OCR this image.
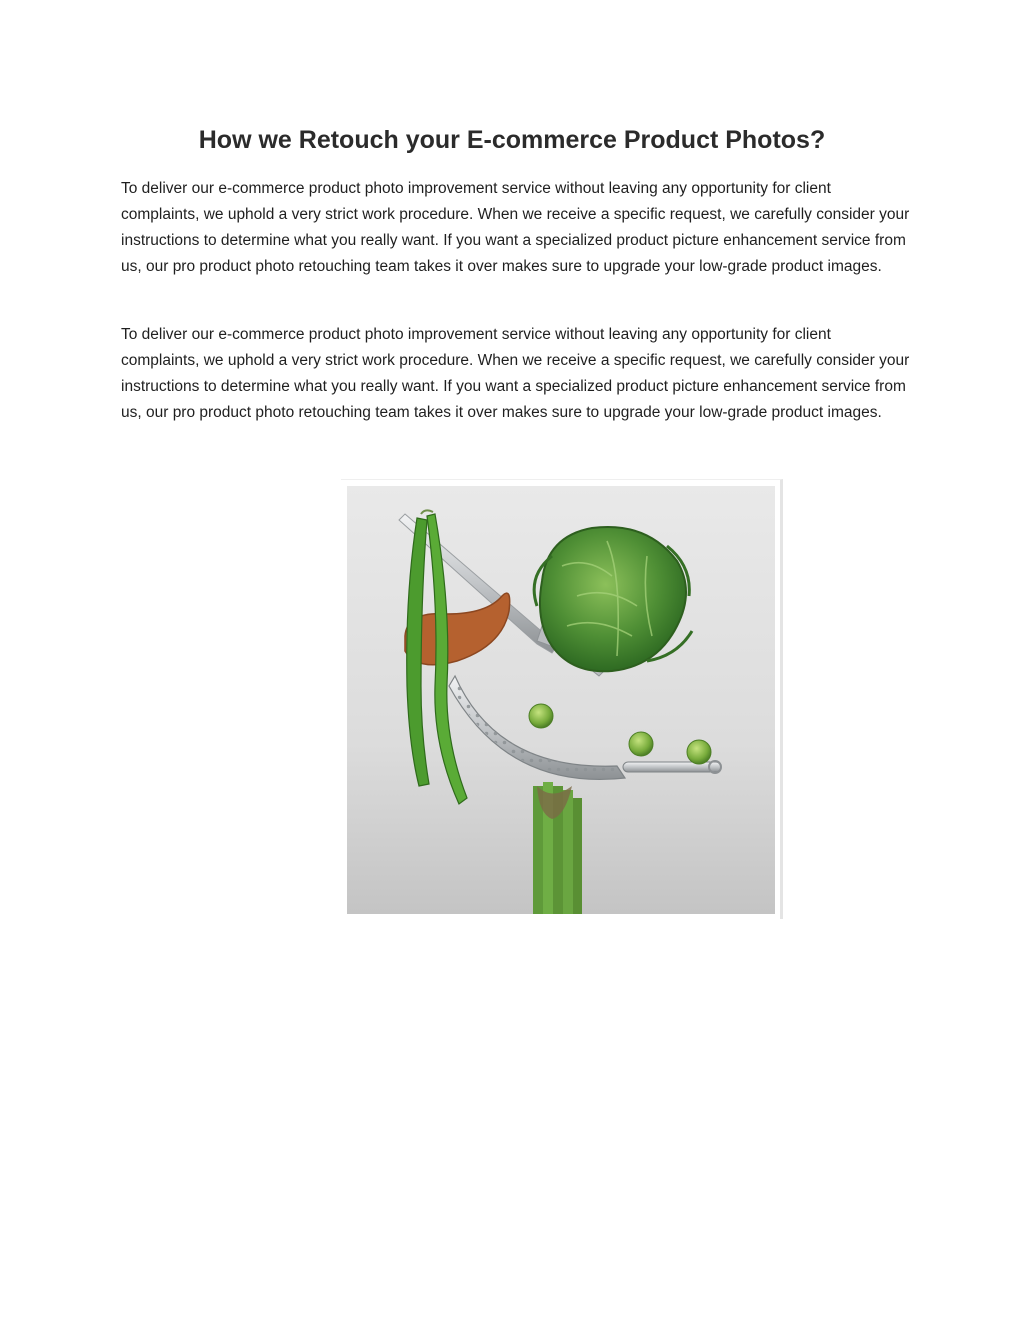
How we Retouch your E-commerce Product Photos?

To deliver our e-commerce product photo improvement service without leaving any opportunity for client complaints, we uphold a very strict work procedure. When we receive a specific request, we carefully consider your instructions to determine what you really want. If you want a specialized product picture enhancement service from us, our pro product photo retouching team takes it over makes sure to upgrade your low-grade product images.

To deliver our e-commerce product photo improvement service without leaving any opportunity for client complaints, we uphold a very strict work procedure. When we receive a specific request, we carefully consider your instructions to determine what you really want. If you want a specialized product picture enhancement service from us, our pro product photo retouching team takes it over makes sure to upgrade your low-grade product images.
